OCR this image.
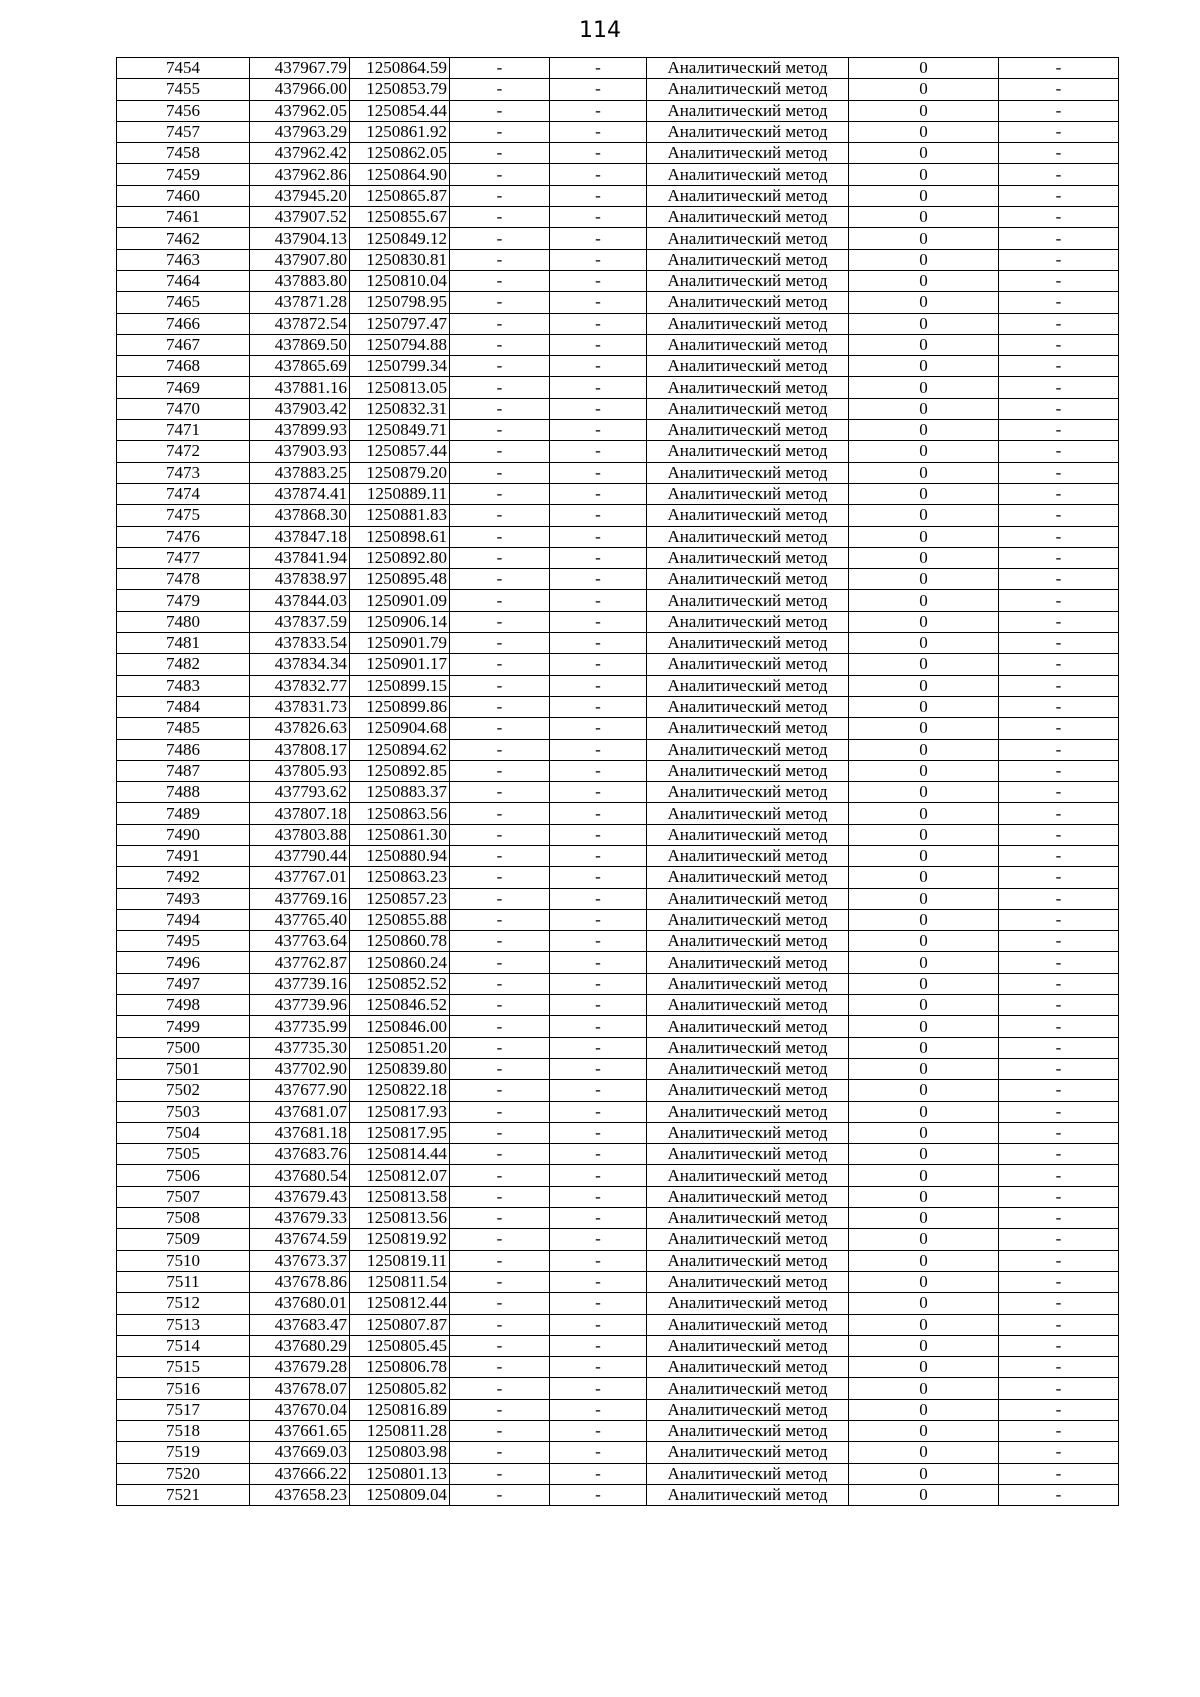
114
7454	437967.79	1250864.59	-	-	Аналитический метод	0	-
7455	437966.00	1250853.79	-	-	Аналитический метод	0	-
7456	437962.05	1250854.44	-	-	Аналитический метод	0	-
7457	437963.29	1250861.92	-	-	Аналитический метод	0	-
7458	437962.42	1250862.05	-	-	Аналитический метод	0	-
7459	437962.86	1250864.90	-	-	Аналитический метод	0	-
7460	437945.20	1250865.87	-	-	Аналитический метод	0	-
7461	437907.52	1250855.67	-	-	Аналитический метод	0	-
7462	437904.13	1250849.12	-	-	Аналитический метод	0	-
7463	437907.80	1250830.81	-	-	Аналитический метод	0	-
7464	437883.80	1250810.04	-	-	Аналитический метод	0	-
7465	437871.28	1250798.95	-	-	Аналитический метод	0	-
7466	437872.54	1250797.47	-	-	Аналитический метод	0	-
7467	437869.50	1250794.88	-	-	Аналитический метод	0	-
7468	437865.69	1250799.34	-	-	Аналитический метод	0	-
7469	437881.16	1250813.05	-	-	Аналитический метод	0	-
7470	437903.42	1250832.31	-	-	Аналитический метод	0	-
7471	437899.93	1250849.71	-	-	Аналитический метод	0	-
7472	437903.93	1250857.44	-	-	Аналитический метод	0	-
7473	437883.25	1250879.20	-	-	Аналитический метод	0	-
7474	437874.41	1250889.11	-	-	Аналитический метод	0	-
7475	437868.30	1250881.83	-	-	Аналитический метод	0	-
7476	437847.18	1250898.61	-	-	Аналитический метод	0	-
7477	437841.94	1250892.80	-	-	Аналитический метод	0	-
7478	437838.97	1250895.48	-	-	Аналитический метод	0	-
7479	437844.03	1250901.09	-	-	Аналитический метод	0	-
7480	437837.59	1250906.14	-	-	Аналитический метод	0	-
7481	437833.54	1250901.79	-	-	Аналитический метод	0	-
7482	437834.34	1250901.17	-	-	Аналитический метод	0	-
7483	437832.77	1250899.15	-	-	Аналитический метод	0	-
7484	437831.73	1250899.86	-	-	Аналитический метод	0	-
7485	437826.63	1250904.68	-	-	Аналитический метод	0	-
7486	437808.17	1250894.62	-	-	Аналитический метод	0	-
7487	437805.93	1250892.85	-	-	Аналитический метод	0	-
7488	437793.62	1250883.37	-	-	Аналитический метод	0	-
7489	437807.18	1250863.56	-	-	Аналитический метод	0	-
7490	437803.88	1250861.30	-	-	Аналитический метод	0	-
7491	437790.44	1250880.94	-	-	Аналитический метод	0	-
7492	437767.01	1250863.23	-	-	Аналитический метод	0	-
7493	437769.16	1250857.23	-	-	Аналитический метод	0	-
7494	437765.40	1250855.88	-	-	Аналитический метод	0	-
7495	437763.64	1250860.78	-	-	Аналитический метод	0	-
7496	437762.87	1250860.24	-	-	Аналитический метод	0	-
7497	437739.16	1250852.52	-	-	Аналитический метод	0	-
7498	437739.96	1250846.52	-	-	Аналитический метод	0	-
7499	437735.99	1250846.00	-	-	Аналитический метод	0	-
7500	437735.30	1250851.20	-	-	Аналитический метод	0	-
7501	437702.90	1250839.80	-	-	Аналитический метод	0	-
7502	437677.90	1250822.18	-	-	Аналитический метод	0	-
7503	437681.07	1250817.93	-	-	Аналитический метод	0	-
7504	437681.18	1250817.95	-	-	Аналитический метод	0	-
7505	437683.76	1250814.44	-	-	Аналитический метод	0	-
7506	437680.54	1250812.07	-	-	Аналитический метод	0	-
7507	437679.43	1250813.58	-	-	Аналитический метод	0	-
7508	437679.33	1250813.56	-	-	Аналитический метод	0	-
7509	437674.59	1250819.92	-	-	Аналитический метод	0	-
7510	437673.37	1250819.11	-	-	Аналитический метод	0	-
7511	437678.86	1250811.54	-	-	Аналитический метод	0	-
7512	437680.01	1250812.44	-	-	Аналитический метод	0	-
7513	437683.47	1250807.87	-	-	Аналитический метод	0	-
7514	437680.29	1250805.45	-	-	Аналитический метод	0	-
7515	437679.28	1250806.78	-	-	Аналитический метод	0	-
7516	437678.07	1250805.82	-	-	Аналитический метод	0	-
7517	437670.04	1250816.89	-	-	Аналитический метод	0	-
7518	437661.65	1250811.28	-	-	Аналитический метод	0	-
7519	437669.03	1250803.98	-	-	Аналитический метод	0	-
7520	437666.22	1250801.13	-	-	Аналитический метод	0	-
7521	437658.23	1250809.04	-	-	Аналитический метод	0	-
